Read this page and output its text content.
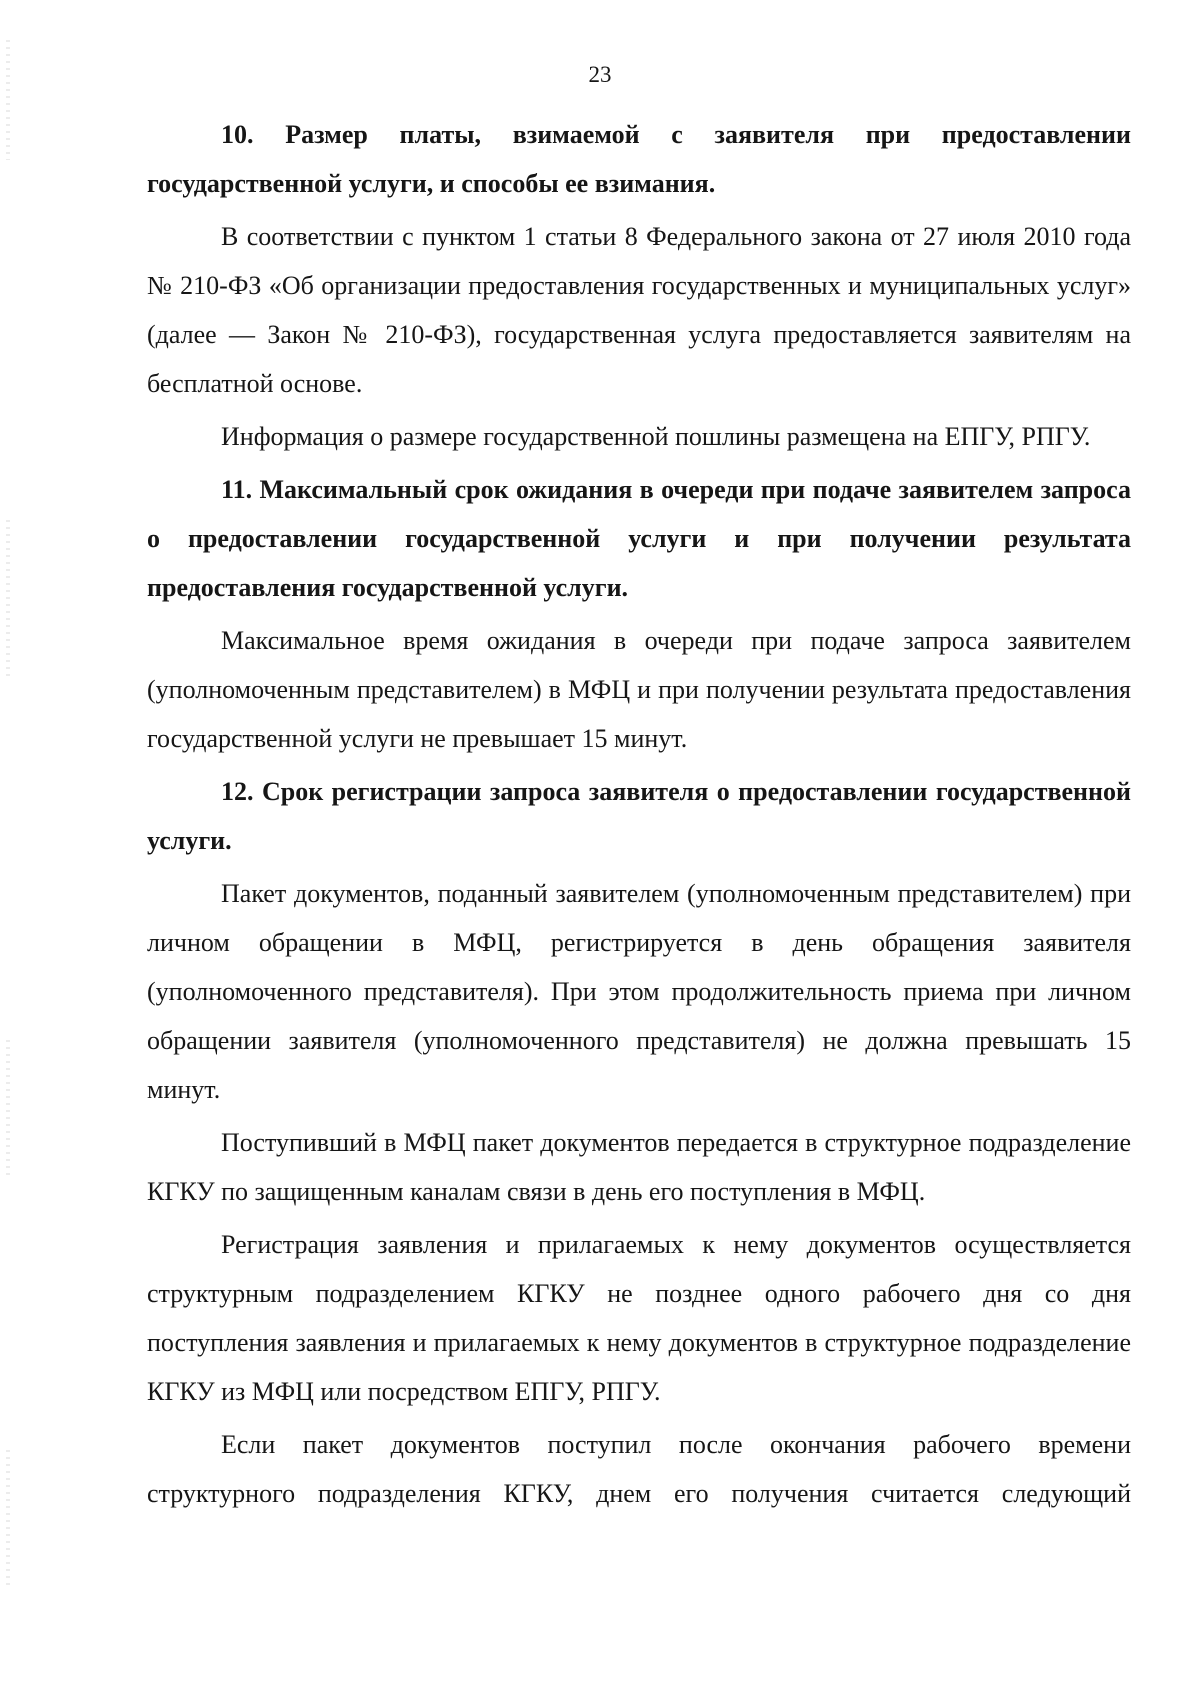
23

10. Размер платы, взимаемой с заявителя при предоставлении государственной услуги, и способы ее взимания.

В соответствии с пунктом 1 статьи 8 Федерального закона от 27 июля 2010 года № 210-ФЗ «Об организации предоставления государственных и муниципальных услуг» (далее — Закон № 210-ФЗ), государственная услуга предоставляется заявителям на бесплатной основе.

Информация о размере государственной пошлины размещена на ЕПГУ, РПГУ.

11. Максимальный срок ожидания в очереди при подаче заявителем запроса о предоставлении государственной услуги и при получении результата предоставления государственной услуги.

Максимальное время ожидания в очереди при подаче запроса заявителем (уполномоченным представителем) в МФЦ и при получении результата предоставления государственной услуги не превышает 15 минут.

12. Срок регистрации запроса заявителя о предоставлении государственной услуги.

Пакет документов, поданный заявителем (уполномоченным представителем) при личном обращении в МФЦ, регистрируется в день обращения заявителя (уполномоченного представителя). При этом продолжительность приема при личном обращении заявителя (уполномоченного представителя) не должна превышать 15 минут.

Поступивший в МФЦ пакет документов передается в структурное подразделение КГКУ по защищенным каналам связи в день его поступления в МФЦ.

Регистрация заявления и прилагаемых к нему документов осуществляется структурным подразделением КГКУ не позднее одного рабочего дня со дня поступления заявления и прилагаемых к нему документов в структурное подразделение КГКУ из МФЦ или посредством ЕПГУ, РПГУ.

Если пакет документов поступил после окончания рабочего времени структурного подразделения КГКУ, днем его получения считается следующий
